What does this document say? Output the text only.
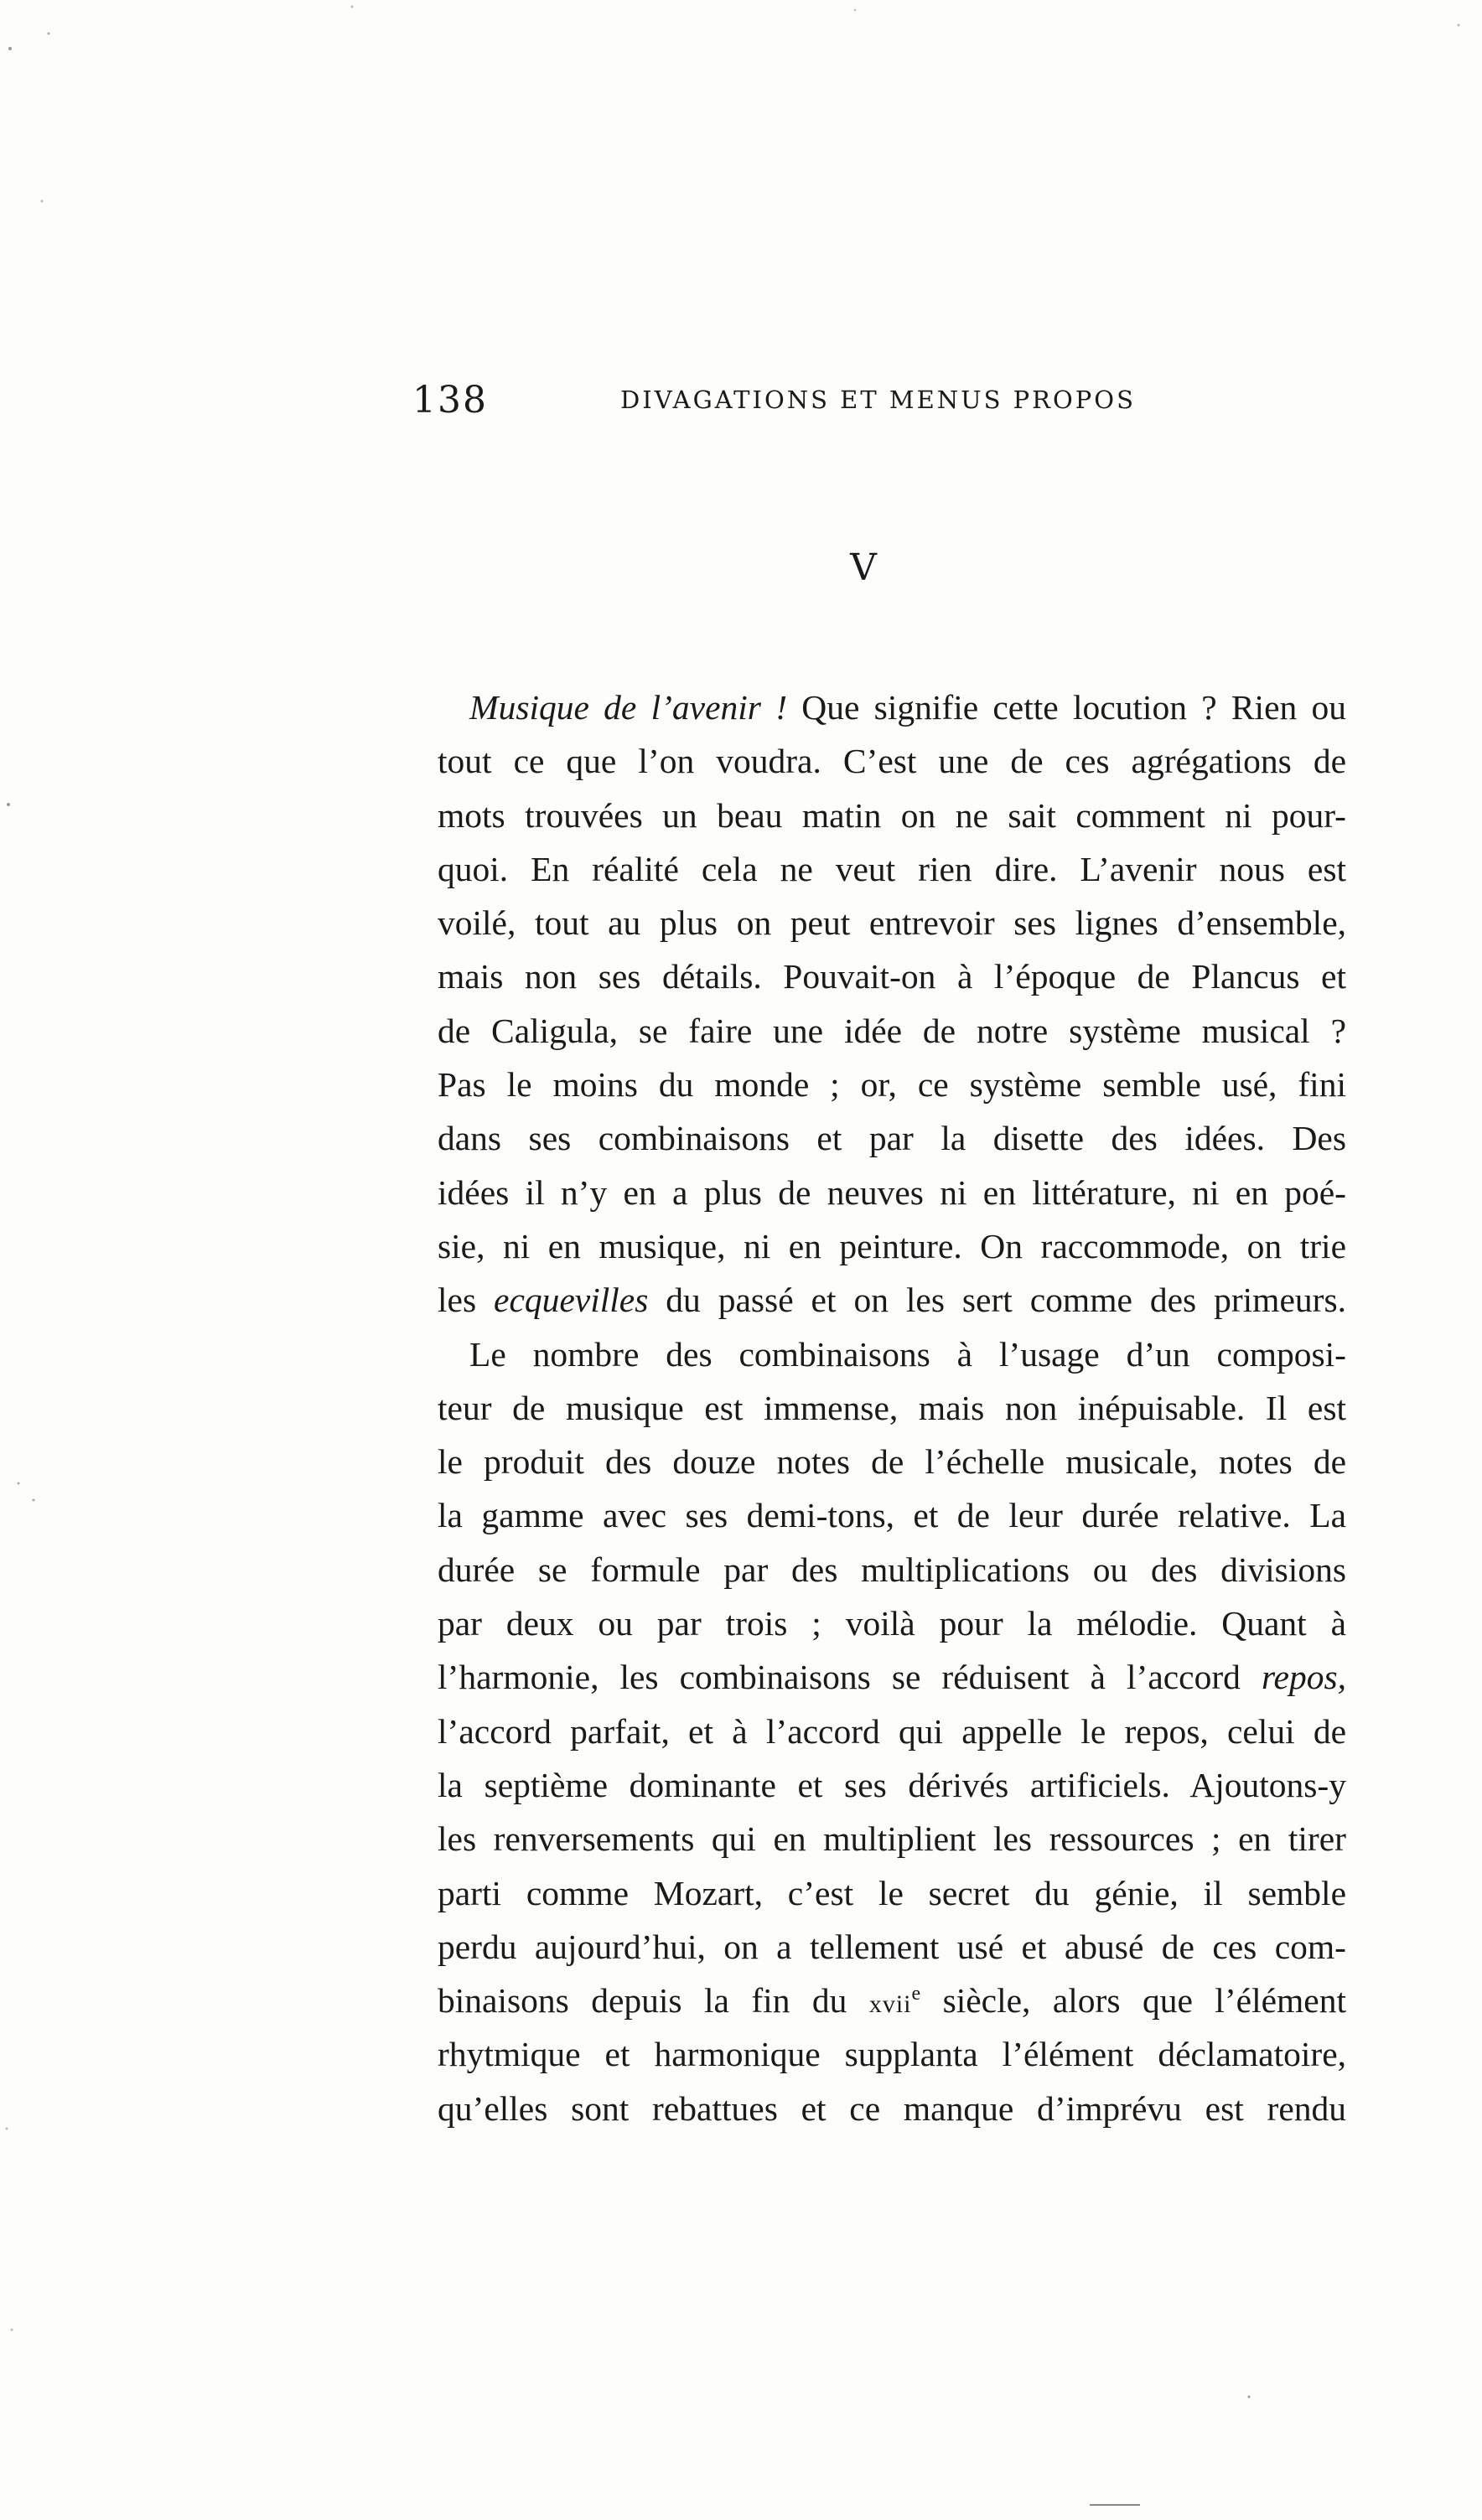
138	DIVAGATIONS ET MENUS PROPOS
V
Musique de l’avenir ! Que signifie cette locution ? Rien ou
tout ce que l’on voudra. C’est une de ces agrégations de
mots trouvées un beau matin on ne sait comment ni pour-
quoi. En réalité cela ne veut rien dire. L’avenir nous est
voilé, tout au plus on peut entrevoir ses lignes d’ensemble,
mais non ses détails. Pouvait-on à l’époque de Plancus et
de Caligula, se faire une idée de notre système musical ?
Pas le moins du monde ; or, ce système semble usé, fini
dans ses combinaisons et par la disette des idées. Des
idées il n’y en a plus de neuves ni en littérature, ni en poé-
sie, ni en musique, ni en peinture. On raccommode, on trie
les ecquevilles du passé et on les sert comme des primeurs.
Le nombre des combinaisons à l’usage d’un composi-
teur de musique est immense, mais non inépuisable. Il est
le produit des douze notes de l’échelle musicale, notes de
la gamme avec ses demi-tons, et de leur durée relative. La
durée se formule par des multiplications ou des divisions
par deux ou par trois ; voilà pour la mélodie. Quant à
l’harmonie, les combinaisons se réduisent à l’accord repos,
l’accord parfait, et à l’accord qui appelle le repos, celui de
la septième dominante et ses dérivés artificiels. Ajoutons-y
les renversements qui en multiplient les ressources ; en tirer
parti comme Mozart, c’est le secret du génie, il semble
perdu aujourd’hui, on a tellement usé et abusé de ces com-
binaisons depuis la fin du xvii$^e$ siècle, alors que l’élément
rhytmique et harmonique supplanta l’élément déclamatoire,
qu’elles sont rebattues et ce manque d’imprévu est rendu
